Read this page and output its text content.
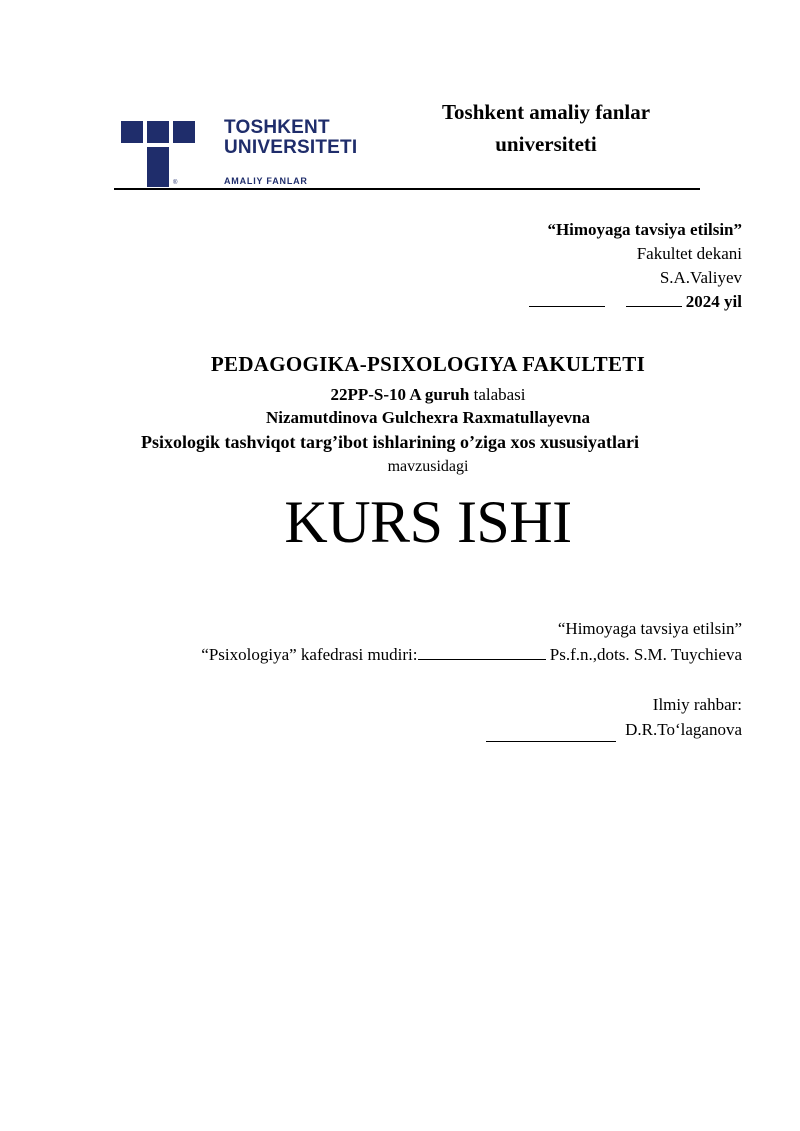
®
TOSHKENT
UNIVERSITETI
AMALIY FANLAR
Toshkent amaliy fanlar
universiteti
“Himoyaga tavsiya etilsin”
Fakultet dekani
S.A.Valiyev
2024 yil
PEDAGOGIKA-PSIXOLOGIYA FAKULTETI
22PP-S-10 A guruh talabasi
Nizamutdinova Gulchexra Raxmatullayevna
Psixologik tashviqot targ’ibot ishlarining o’ziga xos xususiyatlari
mavzusidagi
KURS ISHI
“Himoyaga tavsiya etilsin”
“Psixologiya” kafedrasi mudiri:	Ps.f.n.,dots. S.M. Tuychieva
Ilmiy rahbar:
D.R.To‘laganova
